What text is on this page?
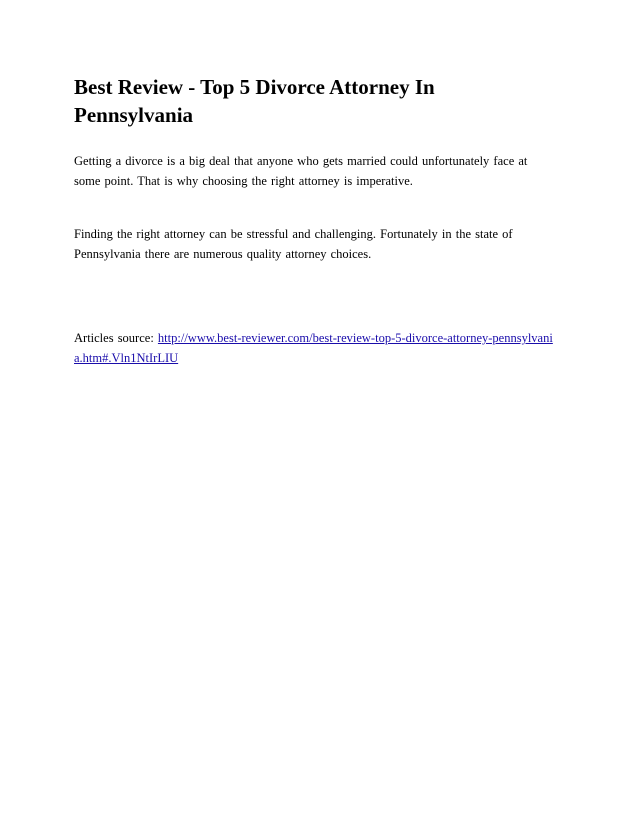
Best Review - Top 5 Divorce Attorney In Pennsylvania

Getting a divorce is a big deal that anyone who gets married could unfortunately face at some point. That is why choosing the right attorney is imperative.

Finding the right attorney can be stressful and challenging. Fortunately in the state of Pennsylvania there are numerous quality attorney choices.

Articles source: http://www.best-reviewer.com/best-review-top-5-divorce-attorney-pennsylvania.htm#.Vln1NtIrLIU
